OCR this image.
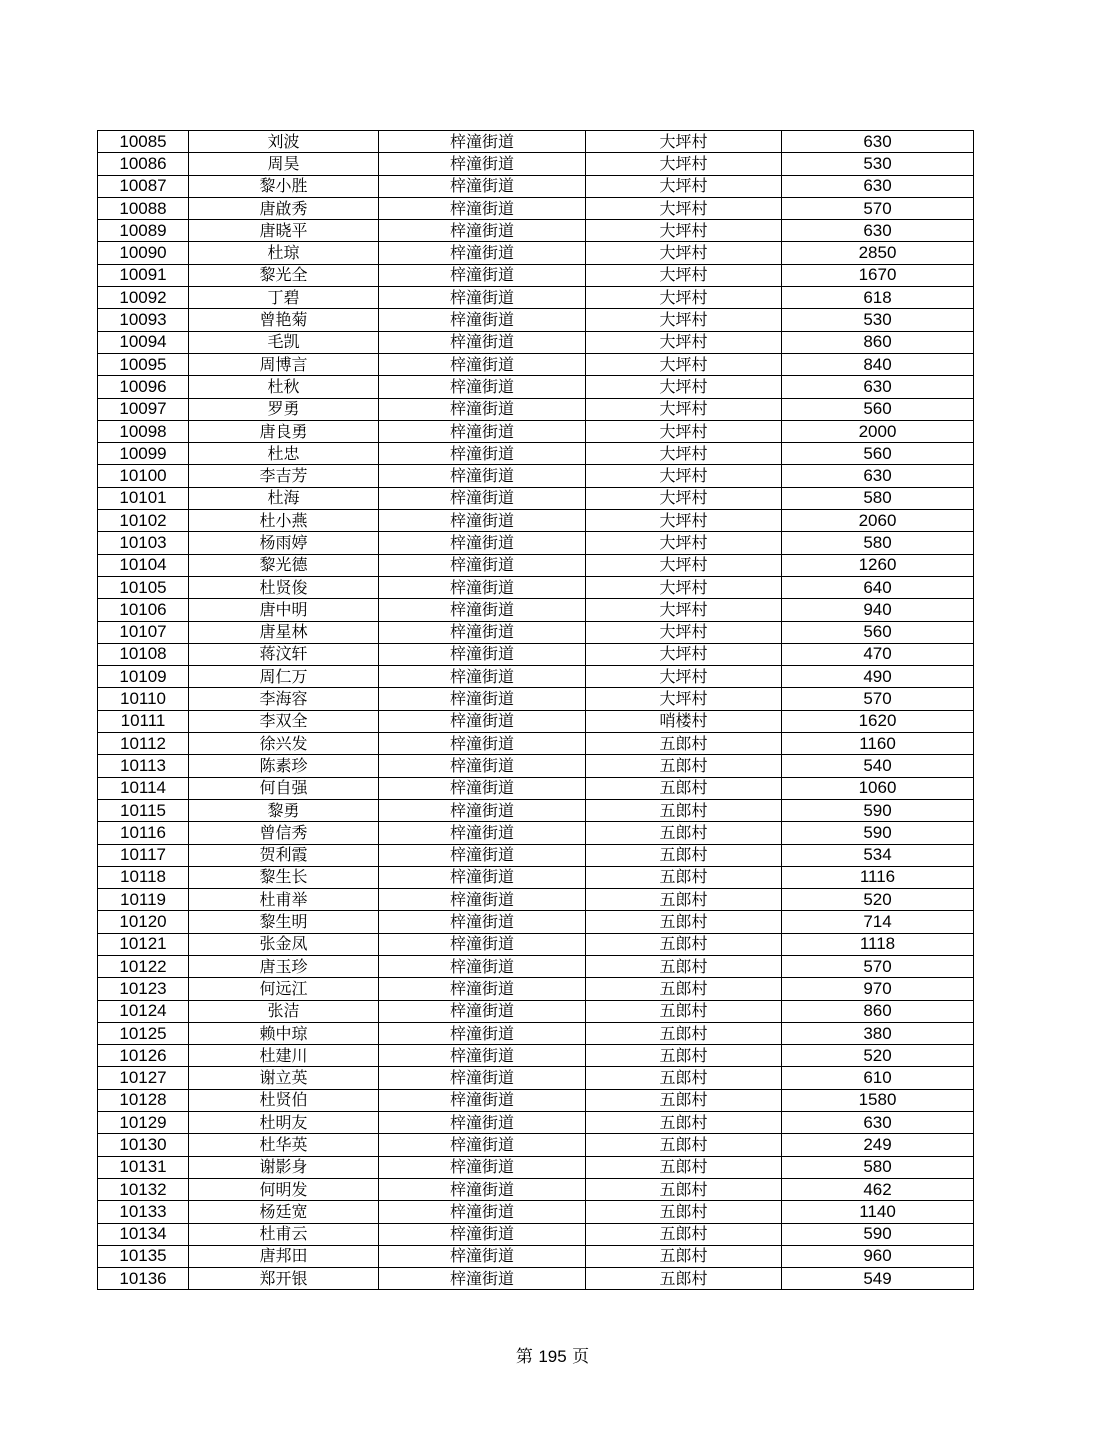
10085	刘波	梓潼街道	大坪村	630
10086	周昊	梓潼街道	大坪村	530
10087	黎小胜	梓潼街道	大坪村	630
10088	唐啟秀	梓潼街道	大坪村	570
10089	唐晓平	梓潼街道	大坪村	630
10090	杜琼	梓潼街道	大坪村	2850
10091	黎光全	梓潼街道	大坪村	1670
10092	丁碧	梓潼街道	大坪村	618
10093	曾艳菊	梓潼街道	大坪村	530
10094	毛凯	梓潼街道	大坪村	860
10095	周博言	梓潼街道	大坪村	840
10096	杜秋	梓潼街道	大坪村	630
10097	罗勇	梓潼街道	大坪村	560
10098	唐良勇	梓潼街道	大坪村	2000
10099	杜忠	梓潼街道	大坪村	560
10100	李吉芳	梓潼街道	大坪村	630
10101	杜海	梓潼街道	大坪村	580
10102	杜小燕	梓潼街道	大坪村	2060
10103	杨雨婷	梓潼街道	大坪村	580
10104	黎光德	梓潼街道	大坪村	1260
10105	杜贤俊	梓潼街道	大坪村	640
10106	唐中明	梓潼街道	大坪村	940
10107	唐星林	梓潼街道	大坪村	560
10108	蒋汶轩	梓潼街道	大坪村	470
10109	周仁万	梓潼街道	大坪村	490
10110	李海容	梓潼街道	大坪村	570
10111	李双全	梓潼街道	哨楼村	1620
10112	徐兴发	梓潼街道	五郎村	1160
10113	陈素珍	梓潼街道	五郎村	540
10114	何自强	梓潼街道	五郎村	1060
10115	黎勇	梓潼街道	五郎村	590
10116	曾信秀	梓潼街道	五郎村	590
10117	贺利霞	梓潼街道	五郎村	534
10118	黎生长	梓潼街道	五郎村	1116
10119	杜甫举	梓潼街道	五郎村	520
10120	黎生明	梓潼街道	五郎村	714
10121	张金凤	梓潼街道	五郎村	1118
10122	唐玉珍	梓潼街道	五郎村	570
10123	何远江	梓潼街道	五郎村	970
10124	张洁	梓潼街道	五郎村	860
10125	赖中琼	梓潼街道	五郎村	380
10126	杜建川	梓潼街道	五郎村	520
10127	谢立英	梓潼街道	五郎村	610
10128	杜贤伯	梓潼街道	五郎村	1580
10129	杜明友	梓潼街道	五郎村	630
10130	杜华英	梓潼街道	五郎村	249
10131	谢影身	梓潼街道	五郎村	580
10132	何明发	梓潼街道	五郎村	462
10133	杨廷宽	梓潼街道	五郎村	1140
10134	杜甫云	梓潼街道	五郎村	590
10135	唐邦田	梓潼街道	五郎村	960
10136	郑开银	梓潼街道	五郎村	549
第 195 页
